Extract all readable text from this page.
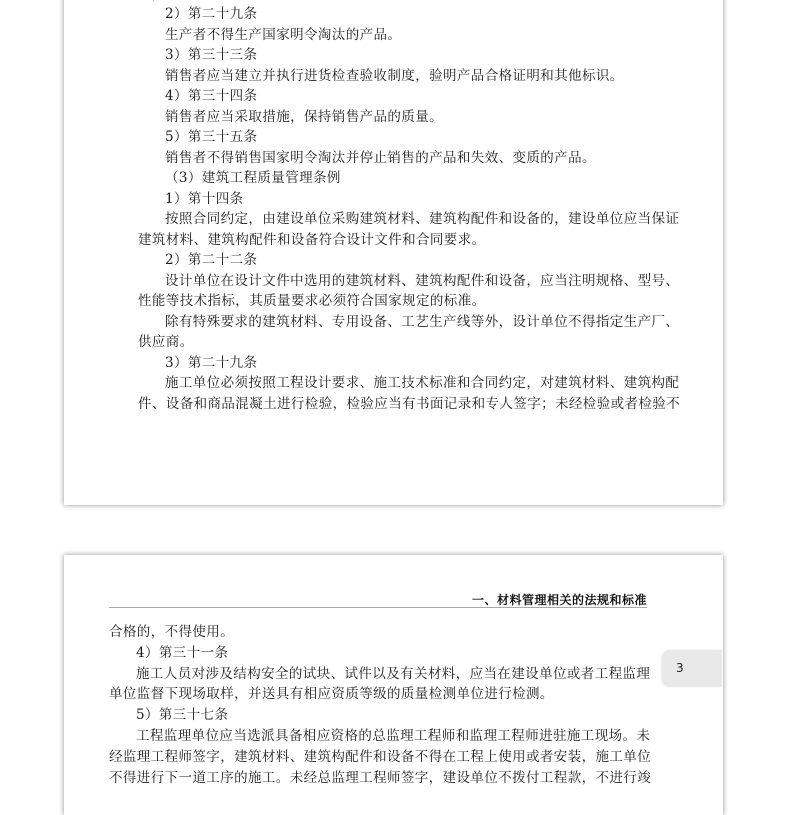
2）第二十九条
生产者不得生产国家明令淘汰的产品。
3）第三十三条
销售者应当建立并执行进货检查验收制度，验明产品合格证明和其他标识。
4）第三十四条
销售者应当采取措施，保持销售产品的质量。
5）第三十五条
销售者不得销售国家明令淘汰并停止销售的产品和失效、变质的产品。
（3）建筑工程质量管理条例
1）第十四条
按照合同约定，由建设单位采购建筑材料、建筑构配件和设备的，建设单位应当保证
建筑材料、建筑构配件和设备符合设计文件和合同要求。
2）第二十二条
设计单位在设计文件中选用的建筑材料、建筑构配件和设备，应当注明规格、型号、
性能等技术指标，其质量要求必须符合国家规定的标准。
除有特殊要求的建筑材料、专用设备、工艺生产线等外，设计单位不得指定生产厂、
供应商。
3）第二十九条
施工单位必须按照工程设计要求、施工技术标准和合同约定，对建筑材料、建筑构配
件、设备和商品混凝土进行检验，检验应当有书面记录和专人签字；未经检验或者检验不
一、材料管理相关的法规和标准
合格的，不得使用。
4）第三十一条
施工人员对涉及结构安全的试块、试件以及有关材料，应当在建设单位或者工程监理
单位监督下现场取样，并送具有相应资质等级的质量检测单位进行检测。
5）第三十七条
工程监理单位应当选派具备相应资格的总监理工程师和监理工程师进驻施工现场。未
经监理工程师签字，建筑材料、建筑构配件和设备不得在工程上使用或者安装，施工单位
不得进行下一道工序的施工。未经总监理工程师签字，建设单位不拨付工程款，不进行竣
3
